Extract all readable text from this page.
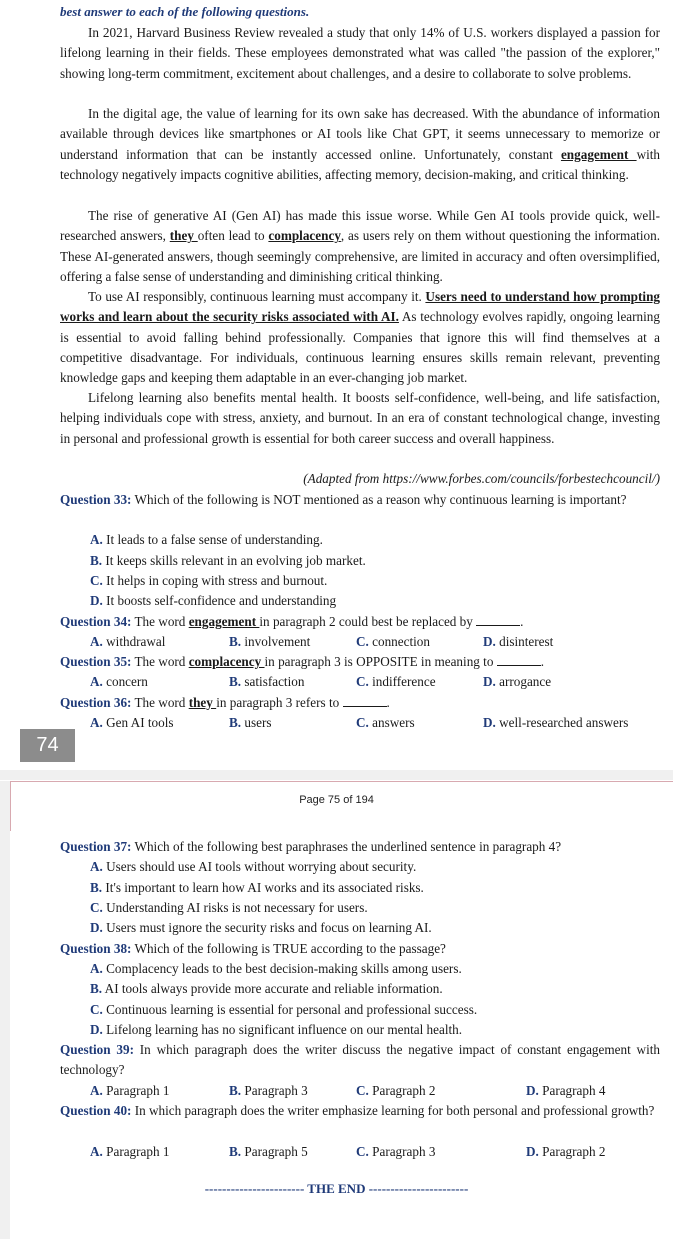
best answer to each of the following questions.

In 2021, Harvard Business Review revealed a study that only 14% of U.S. workers displayed a passion for lifelong learning in their fields. These employees demonstrated what was called "the passion of the explorer," showing long-term commitment, excitement about challenges, and a desire to collaborate to solve problems.

In the digital age, the value of learning for its own sake has decreased. With the abundance of information available through devices like smartphones or AI tools like Chat GPT, it seems unnecessary to memorize or understand information that can be instantly accessed online. Unfortunately, constant engagement with technology negatively impacts cognitive abilities, affecting memory, decision-making, and critical thinking.

The rise of generative AI (Gen AI) has made this issue worse. While Gen AI tools provide quick, well-researched answers, they often lead to complacency, as users rely on them without questioning the information. These AI-generated answers, though seemingly comprehensive, are limited in accuracy and often oversimplified, offering a false sense of understanding and diminishing critical thinking.

To use AI responsibly, continuous learning must accompany it. Users need to understand how prompting works and learn about the security risks associated with AI. As technology evolves rapidly, ongoing learning is essential to avoid falling behind professionally. Companies that ignore this will find themselves at a competitive disadvantage. For individuals, continuous learning ensures skills remain relevant, preventing knowledge gaps and keeping them adaptable in an ever-changing job market.

Lifelong learning also benefits mental health. It boosts self-confidence, well-being, and life satisfaction, helping individuals cope with stress, anxiety, and burnout. In an era of constant technological change, investing in personal and professional growth is essential for both career success and overall happiness.

(Adapted from https://www.forbes.com/councils/forbestechcouncil/)
Question 33: Which of the following is NOT mentioned as a reason why continuous learning is important?
A. It leads to a false sense of understanding.
B. It keeps skills relevant in an evolving job market.
C. It helps in coping with stress and burnout.
D. It boosts self-confidence and understanding
Question 34: The word engagement in paragraph 2 could best be replaced by	.
A. withdrawal	B. involvement	C. connection	D. disinterest
Question 35: The word complacency in paragraph 3 is OPPOSITE in meaning to	.
A. concern	B. satisfaction	C. indifference	D. arrogance
Question 36: The word they in paragraph 3 refers to	.
A. Gen AI tools	B. users	C. answers	D. well-researched answers
74
Page 75 of 194
Question 37: Which of the following best paraphrases the underlined sentence in paragraph 4?
A. Users should use AI tools without worrying about security.
B. It's important to learn how AI works and its associated risks.
C. Understanding AI risks is not necessary for users.
D. Users must ignore the security risks and focus on learning AI.
Question 38: Which of the following is TRUE according to the passage?
A. Complacency leads to the best decision-making skills among users.
B. AI tools always provide more accurate and reliable information.
C. Continuous learning is essential for personal and professional success.
D. Lifelong learning has no significant influence on our mental health.
Question 39: In which paragraph does the writer discuss the negative impact of constant engagement with technology?
A. Paragraph 1	B. Paragraph 3	C. Paragraph 2	D. Paragraph 4
Question 40: In which paragraph does the writer emphasize learning for both personal and professional growth?
A. Paragraph 1	B. Paragraph 5	C. Paragraph 3	D. Paragraph 2
----------------------- THE END -----------------------
